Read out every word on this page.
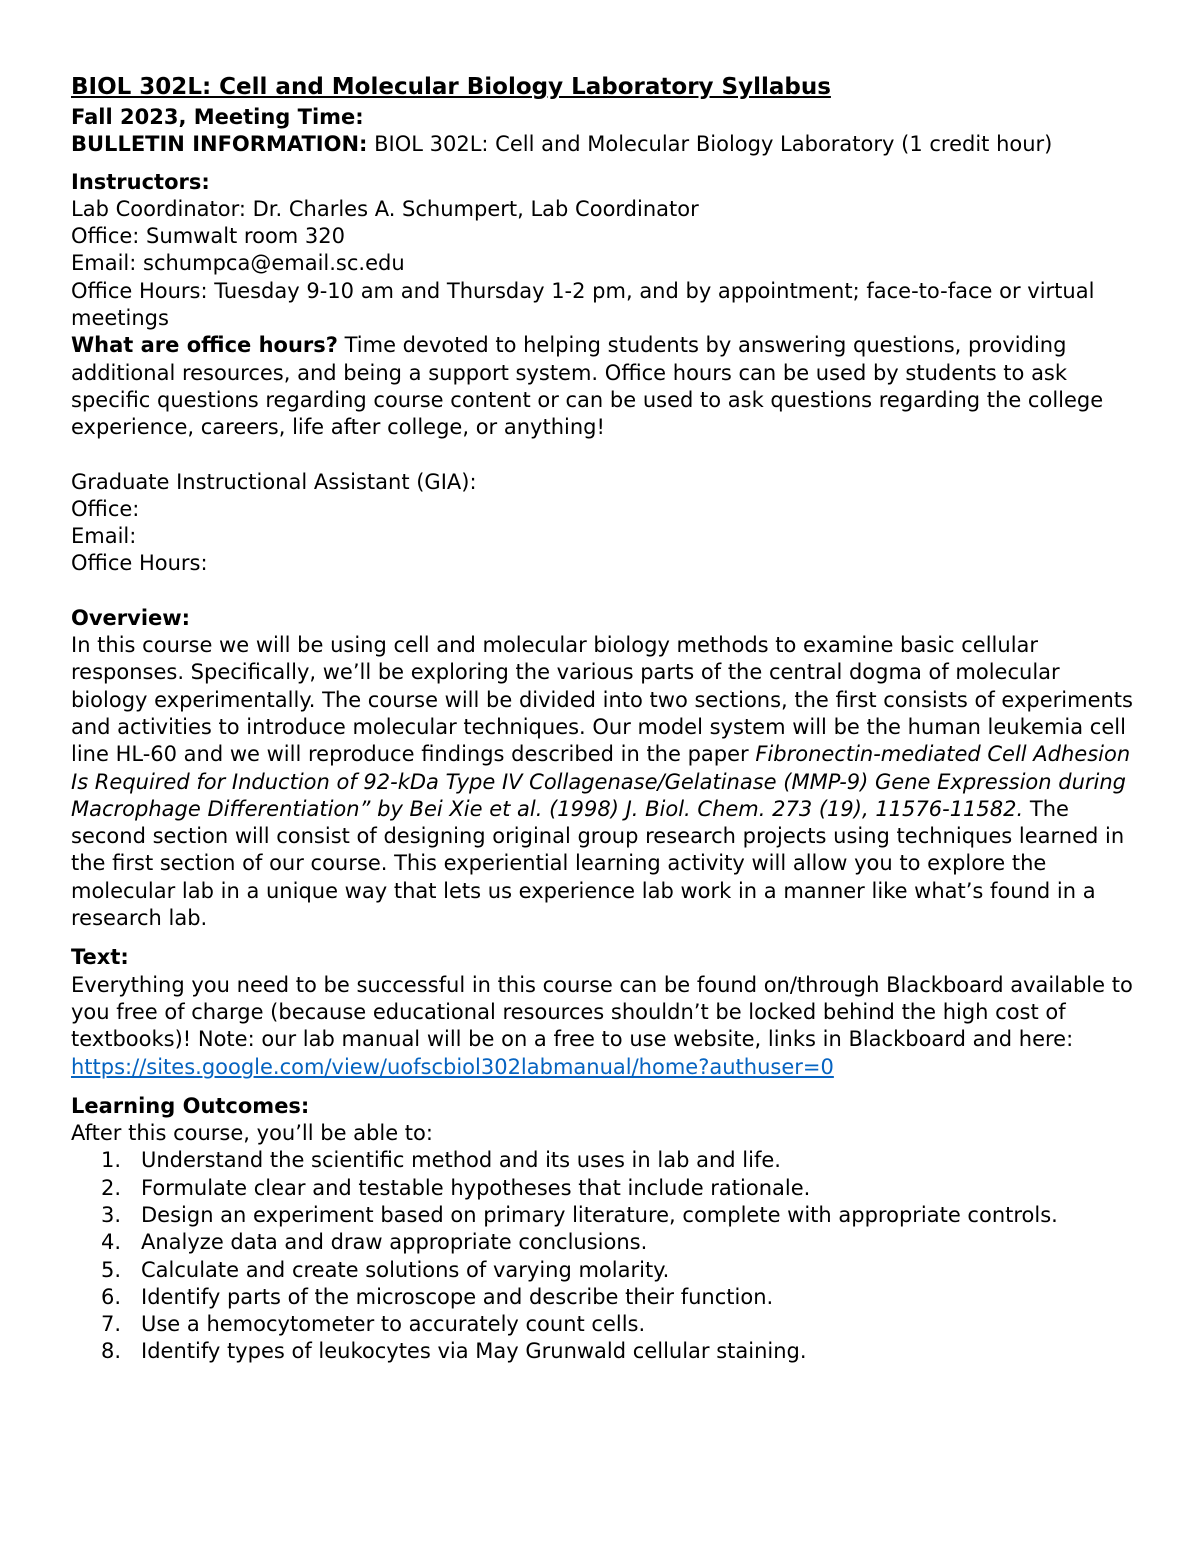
BIOL 302L: Cell and Molecular Biology Laboratory Syllabus
Fall 2023, Meeting Time:
BULLETIN INFORMATION: BIOL 302L: Cell and Molecular Biology Laboratory (1 credit hour)
Instructors:
Lab Coordinator: Dr. Charles A. Schumpert, Lab Coordinator
Office: Sumwalt room 320
Email: schumpca@email.sc.edu
Office Hours: Tuesday 9-10 am and Thursday 1-2 pm, and by appointment; face-to-face or virtual meetings
What are office hours? Time devoted to helping students by answering questions, providing additional resources, and being a support system. Office hours can be used by students to ask specific questions regarding course content or can be used to ask questions regarding the college experience, careers, life after college, or anything!
Graduate Instructional Assistant (GIA):
Office:
Email:
Office Hours:
Overview:
In this course we will be using cell and molecular biology methods to examine basic cellular responses. Specifically, we’ll be exploring the various parts of the central dogma of molecular biology experimentally. The course will be divided into two sections, the first consists of experiments and activities to introduce molecular techniques. Our model system will be the human leukemia cell line HL-60 and we will reproduce findings described in the paper Fibronectin-mediated Cell Adhesion Is Required for Induction of 92-kDa Type IV Collagenase/Gelatinase (MMP-9) Gene Expression during Macrophage Differentiation” by Bei Xie et al. (1998) J. Biol. Chem. 273 (19), 11576-11582. The second section will consist of designing original group research projects using techniques learned in the first section of our course. This experiential learning activity will allow you to explore the molecular lab in a unique way that lets us experience lab work in a manner like what’s found in a research lab.
Text:
Everything you need to be successful in this course can be found on/through Blackboard available to you free of charge (because educational resources shouldn’t be locked behind the high cost of textbooks)! Note: our lab manual will be on a free to use website, links in Blackboard and here:
https://sites.google.com/view/uofscbiol302labmanual/home?authuser=0
Learning Outcomes:
After this course, you’ll be able to:
1. Understand the scientific method and its uses in lab and life.
2. Formulate clear and testable hypotheses that include rationale.
3. Design an experiment based on primary literature, complete with appropriate controls.
4. Analyze data and draw appropriate conclusions.
5. Calculate and create solutions of varying molarity.
6. Identify parts of the microscope and describe their function.
7. Use a hemocytometer to accurately count cells.
8. Identify types of leukocytes via May Grunwald cellular staining.
